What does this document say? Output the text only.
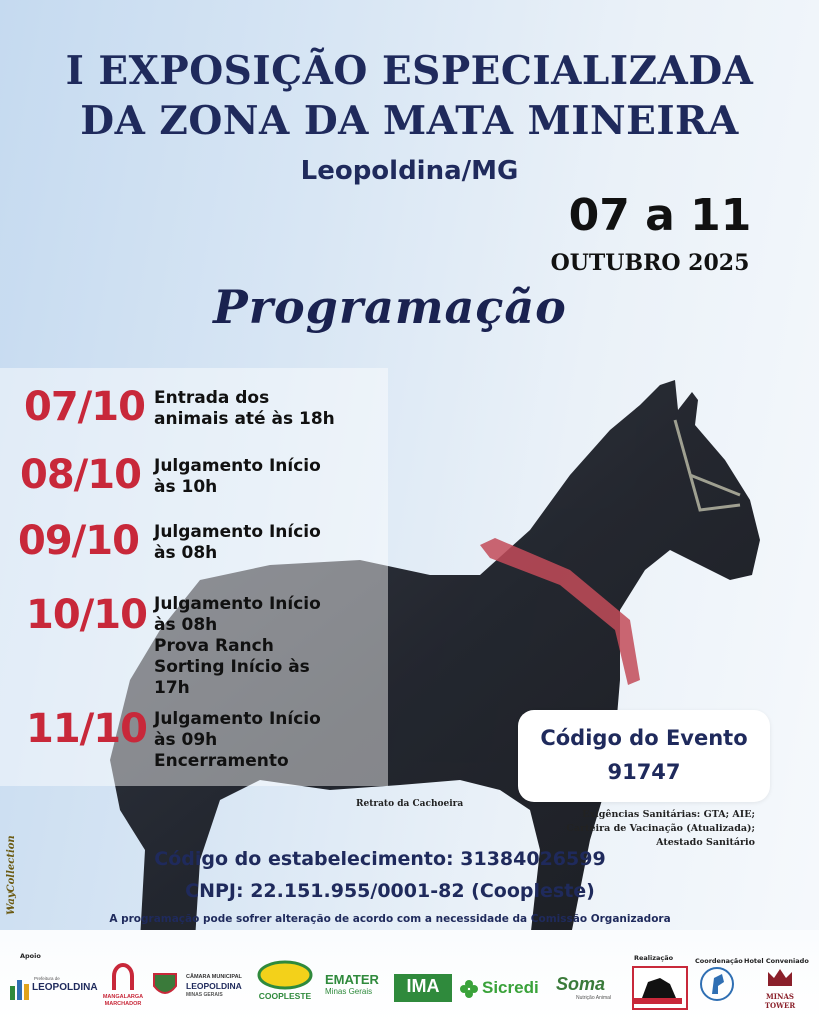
I EXPOSIÇÃO ESPECIALIZADA
DA ZONA DA MATA MINEIRA
Leopoldina/MG
07 a 11
OUTUBRO 2025
Programação
07/10 Entrada dos
animais até às 18h
08/10 Julgamento Início
às 10h
09/10 Julgamento Início
às 08h
10/10 Julgamento Início
às 08h
Prova Ranch
Sorting Início às
17h
11/10 Julgamento Início
às 09h
Encerramento
Código do Evento
91747
Retrato da Cachoeira
Exigências Sanitárias: GTA; AIE;
Carteira de Vacinação (Atualizada);
Atestado Sanitário
WayCollection	Código do estabelecimento: 31384026599
CNPJ: 22.151.955/0001-82 (Coopleste)
A programação pode sofrer alteração de acordo com a necessidade da Comissão Organizadora
Apoio	Realização	Coordenação Hotel Conveniado
Prefeitura de
LEOPOLDINA
MANGALARGA MARCHADOR
CÂMARA MUNICIPAL
LEOPOLDINA
MINAS GERAIS	COOPLESTE
EMATER
Minas Gerais	IMA	Sicredi Soma
Nutrição Animal	MINAS TOWER
